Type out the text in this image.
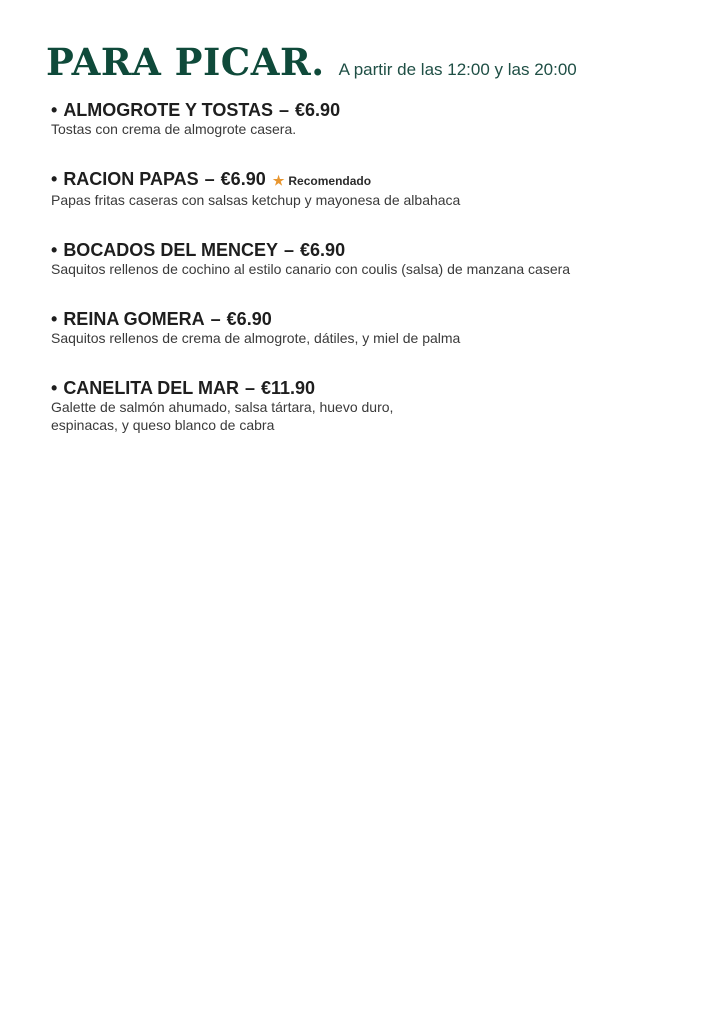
PARA PICAR. A partir de las 12:00 y las 20:00
• ALMOGROTE Y TOSTAS – €6.90
Tostas con crema de almogrote casera.
• RACION PAPAS – €6.90 ★ Recomendado
Papas fritas caseras con salsas ketchup y mayonesa de albahaca
• BOCADOS DEL MENCEY – €6.90
Saquitos rellenos de cochino al estilo canario con coulis (salsa) de manzana casera
• REINA GOMERA – €6.90
Saquitos rellenos de crema de almogrote, dátiles, y miel de palma
• CANELITA DEL MAR – €11.90
Galette de salmón ahumado, salsa tártara, huevo duro,
espinacas, y queso blanco de cabra
